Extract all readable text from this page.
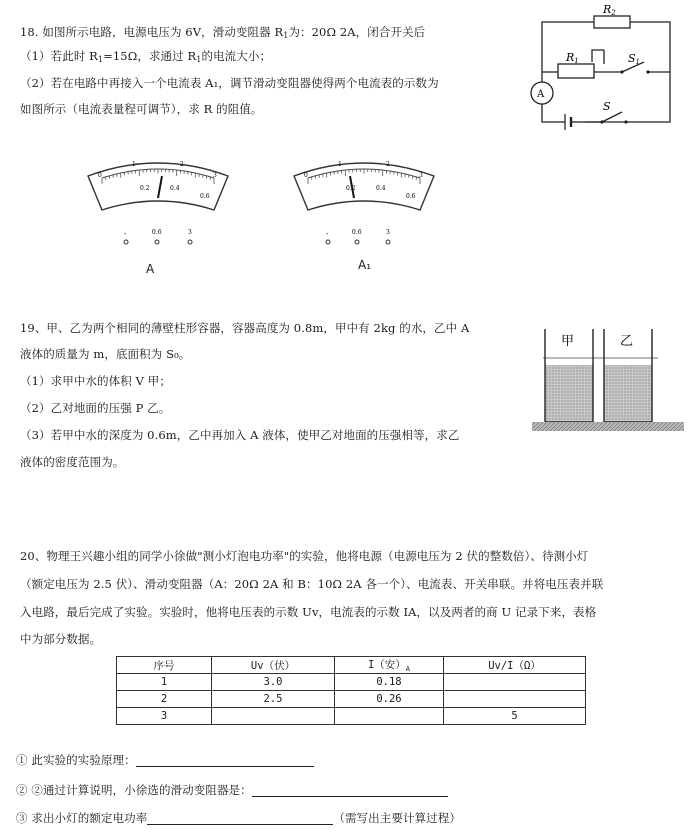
18. 如图所示电路，电源电压为 6V，滑动变阻器 $R_1$为：20Ω 2A，闭合开关后
（1）若此时 $R_1=15\Omega$，求通过 $R_1$的电流大小；
（2）若在电路中再接入一个电流表 A₁，调节滑动变阻器使得两个电流表的示数为
如图所示（电流表量程可调节），求 R 的阻值。
R2
R1	S1
S
A
0
1	2
3
0.2	0.4
0.6
-	0.6	3
A
0
1	2
3
0.2	0.4
0.6
-	0.6	3
A₁
19、甲、乙为两个相同的薄壁柱形容器，容器高度为 0.8m，甲中有 2kg 的水，乙中 A
液体的质量为 m，底面积为 S₀。
（1）求甲中水的体积 V 甲；
（2）乙对地面的压强 P 乙。
（3）若甲中水的深度为 0.6m，乙中再加入 A 液体，使甲乙对地面的压强相等，求乙
液体的密度范围为。
甲	乙
20、物理王兴趣小组的同学小徐做"测小灯泡电功率"的实验，他将电源（电源电压为 2 伏的整数倍）、待测小灯
（额定电压为 2.5 伏）、滑动变阻器（A：20Ω 2A 和 B：10Ω 2A 各一个）、电流表、开关串联。并将电压表并联
入电路，最后完成了实验。实验时，他将电压表的示数 Uv，电流表的示数 IA，以及两者的商 U 记录下来，表格
中为部分数据。
序号	Uv（伏）	I（安）$_A$	Uv/I（Ω）
1	3.0	0.18	
2	2.5	0.26	
3			5
① 此实验的实验原理：
② ②通过计算说明，小徐选的滑动变阻器是：
③ 求出小灯的额定电功率	（需写出主要计算过程）
